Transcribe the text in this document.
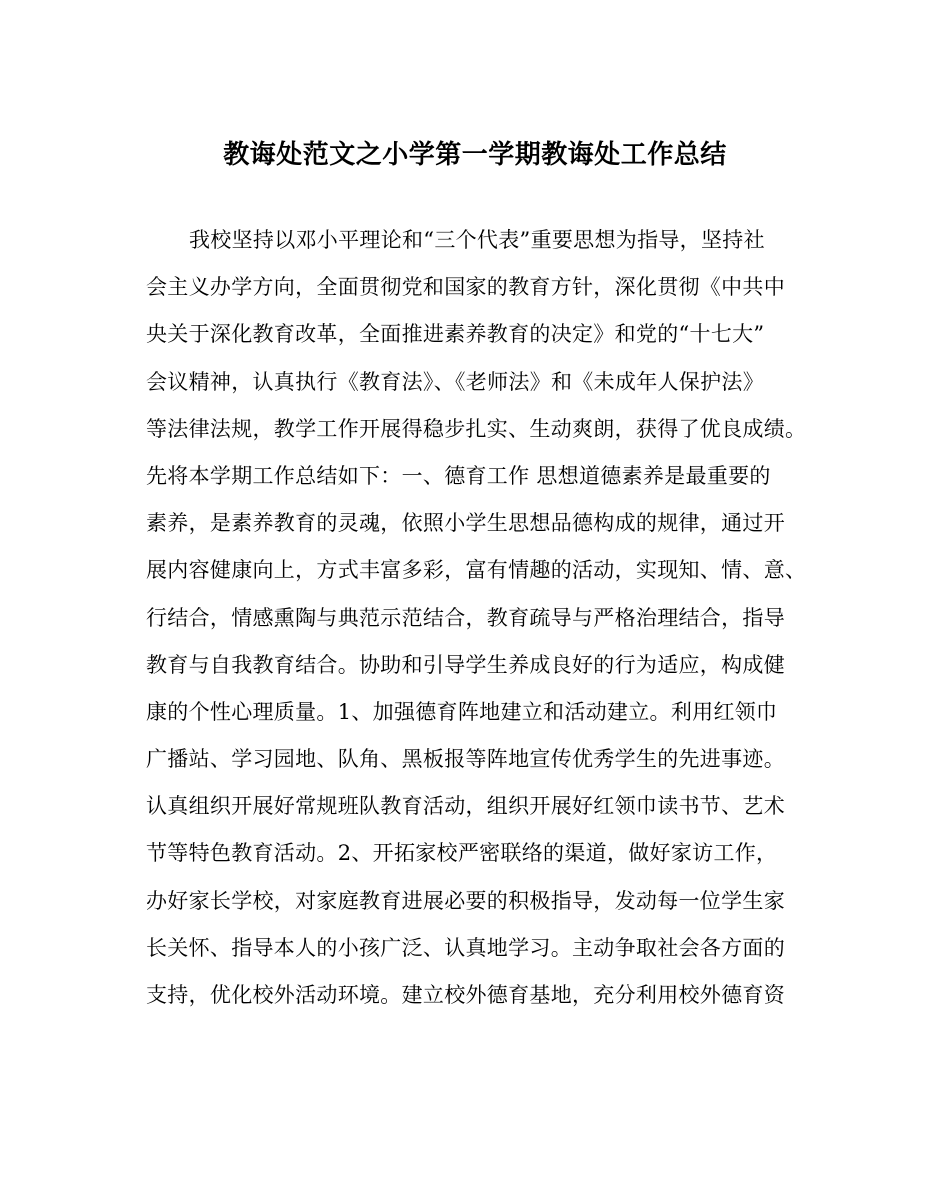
教诲处范文之小学第一学期教诲处工作总结
我校坚持以邓小平理论和“三个代表”重要思想为指导，坚持社
会主义办学方向，全面贯彻党和国家的教育方针，深化贯彻《中共中
央关于深化教育改革，全面推进素养教育的决定》和党的“十七大”
会议精神，认真执行《教育法》、《老师法》和《未成年人保护法》
等法律法规，教学工作开展得稳步扎实、生动爽朗，获得了优良成绩。
先将本学期工作总结如下：一、德育工作 思想道德素养是最重要的
素养，是素养教育的灵魂，依照小学生思想品德构成的规律，通过开
展内容健康向上，方式丰富多彩，富有情趣的活动，实现知、情、意、
行结合，情感熏陶与典范示范结合，教育疏导与严格治理结合，指导
教育与自我教育结合。协助和引导学生养成良好的行为适应，构成健
康的个性心理质量。1、加强德育阵地建立和活动建立。利用红领巾
广播站、学习园地、队角、黑板报等阵地宣传优秀学生的先进事迹。
认真组织开展好常规班队教育活动，组织开展好红领巾读书节、艺术
节等特色教育活动。2、开拓家校严密联络的渠道，做好家访工作，
办好家长学校，对家庭教育进展必要的积极指导，发动每一位学生家
长关怀、指导本人的小孩广泛、认真地学习。主动争取社会各方面的
支持，优化校外活动环境。建立校外德育基地，充分利用校外德育资
